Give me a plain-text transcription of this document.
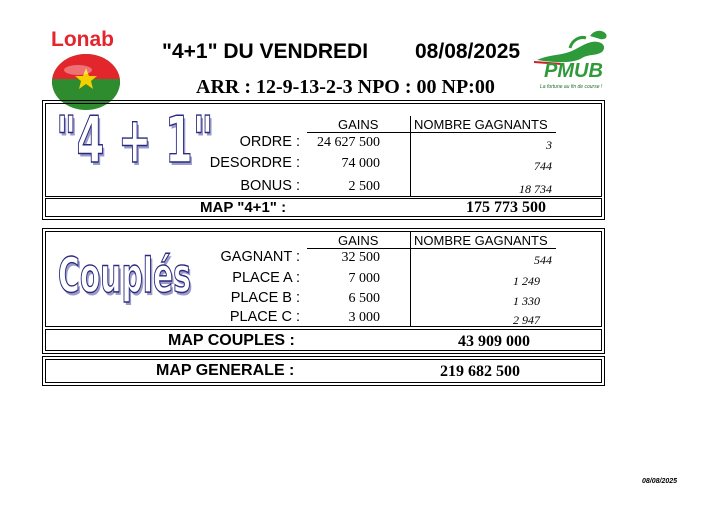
Lonab
PMUB
La fortune au fin de course !
"4+1" DU VENDREDI 08/08/2025
ARR : 12-9-13-2-3 NPO : 00 NP:00
"4 + 1"	GAINS	NOMBRE GAGNANTS
ORDRE :	24 627 500	3
DESORDRE :	74 000	744
BONUS :	2 500	18 734
MAP "4+1" :	175 773 500
Couplés
GAINS	NOMBRE GAGNANTS
GAGNANT :	32 500	544
PLACE A :	7 000	1 249
PLACE B :	6 500	1 330
PLACE C :	3 000	2 947
MAP COUPLES :	43 909 000
MAP GENERALE :	219 682 500
08/08/2025
